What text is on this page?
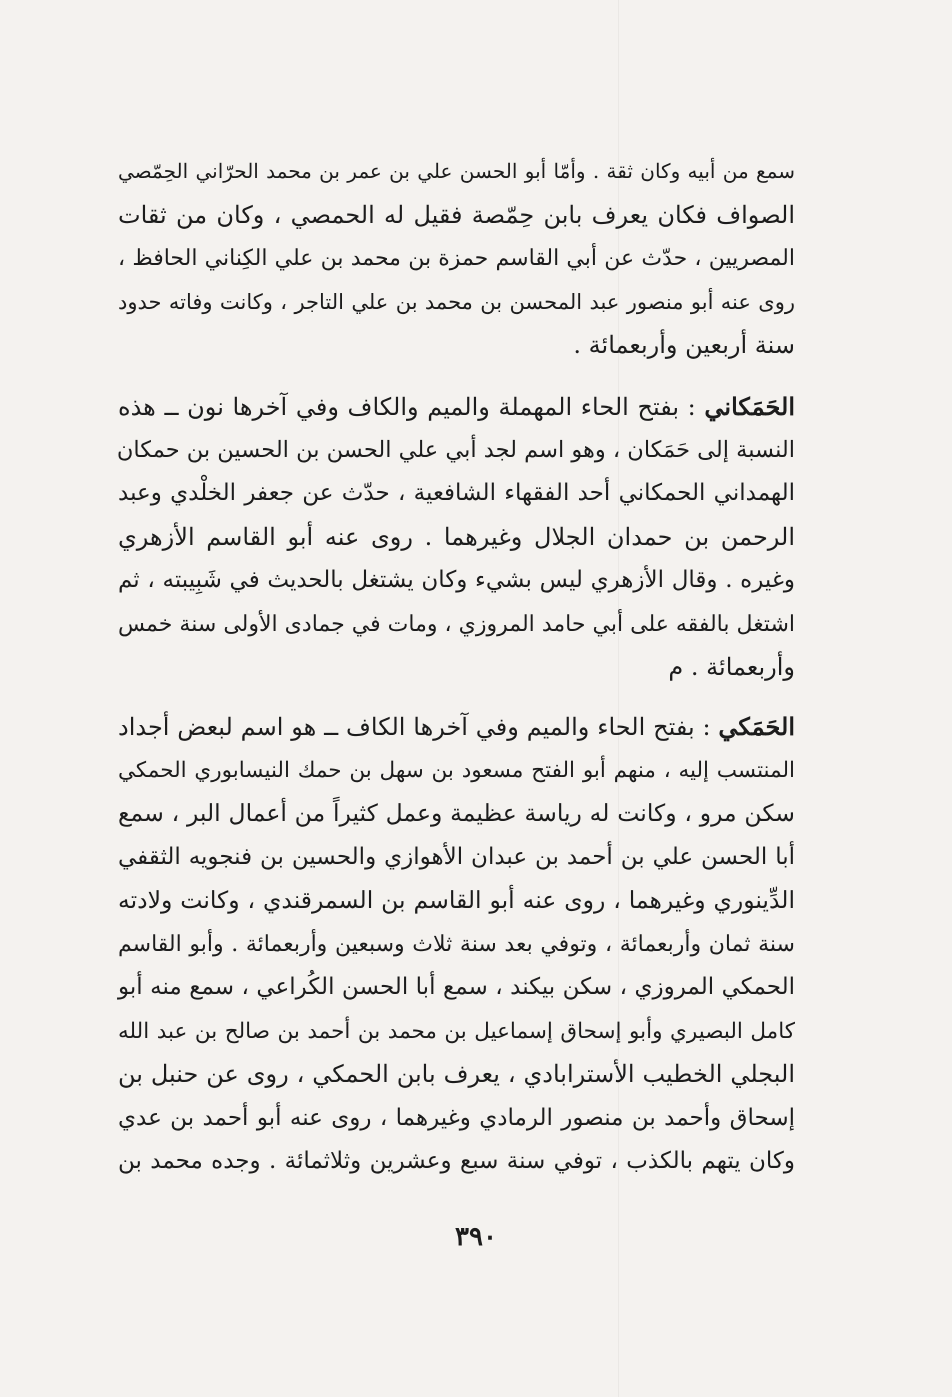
سمع من أبيه وكان ثقة . وأمّا أبو الحسن علي بن عمر بن محمد الحرّاني الحِمّصي
الصواف فكان يعرف بابن حِمّصة فقيل له الحمصي ، وكان من ثقات
المصريين ، حدّث عن أبي القاسم حمزة بن محمد بن علي الكِناني الحافظ ،
روى عنه أبو منصور عبد المحسن بن محمد بن علي التاجر ، وكانت وفاته حدود
سنة أربعين وأربعمائة .
الحَمَكاني : بفتح الحاء المهملة والميم والكاف وفي آخرها نون ــ هذه
النسبة إلى حَمَكان ، وهو اسم لجد أبي علي الحسن بن الحسين بن حمكان
الهمداني الحمكاني أحد الفقهاء الشافعية ، حدّث عن جعفر الخلْدي وعبد
الرحمن بن حمدان الجلال وغيرهما . روى عنه أبو القاسم الأزهري
وغيره . وقال الأزهري ليس بشيء وكان يشتغل بالحديث في شَبِيبته ، ثم
اشتغل بالفقه على أبي حامد المروزي ، ومات في جمادى الأولى سنة خمس
وأربعمائة . م
الحَمَكي : بفتح الحاء والميم وفي آخرها الكاف ــ هو اسم لبعض أجداد
المنتسب إليه ، منهم أبو الفتح مسعود بن سهل بن حمك النيسابوري الحمكي
سكن مرو ، وكانت له رياسة عظيمة وعمل كثيراً من أعمال البر ، سمع
أبا الحسن علي بن أحمد بن عبدان الأهوازي والحسين بن فنجويه الثقفي
الدِّينوري وغيرهما ، روى عنه أبو القاسم بن السمرقندي ، وكانت ولادته
سنة ثمان وأربعمائة ، وتوفي بعد سنة ثلاث وسبعين وأربعمائة . وأبو القاسم
الحمكي المروزي ، سكن بيكند ، سمع أبا الحسن الكُراعي ، سمع منه أبو
كامل البصيري وأبو إسحاق إسماعيل بن محمد بن أحمد بن صالح بن عبد الله
البجلي الخطيب الأسترابادي ، يعرف بابن الحمكي ، روى عن حنبل بن
إسحاق وأحمد بن منصور الرمادي وغيرهما ، روى عنه أبو أحمد بن عدي
وكان يتهم بالكذب ، توفي سنة سبع وعشرين وثلاثمائة . وجده محمد بن
٣٩٠
